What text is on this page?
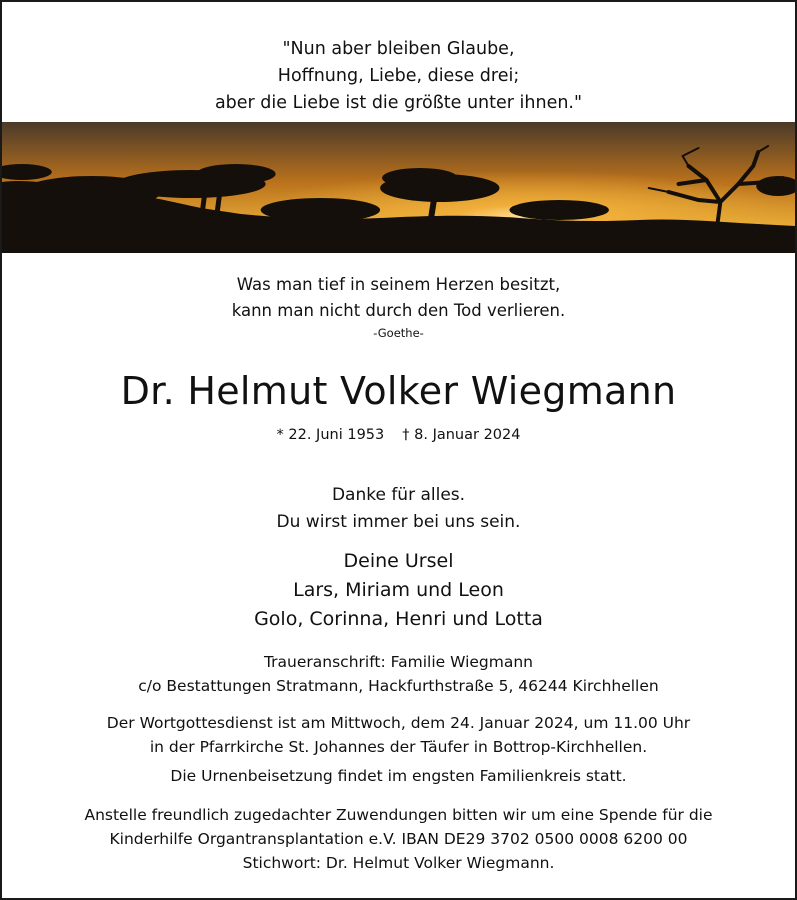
"Nun aber bleiben Glaube,
Hoffnung, Liebe, diese drei;
aber die Liebe ist die größte unter ihnen."
Was man tief in seinem Herzen besitzt,
kann man nicht durch den Tod verlieren.
-Goethe-
Dr. Helmut Volker Wiegmann
* 22. Juni 1953 † 8. Januar 2024
Danke für alles.
Du wirst immer bei uns sein.
Deine Ursel
Lars, Miriam und Leon
Golo, Corinna, Henri und Lotta
Traueranschrift: Familie Wiegmann
c/o Bestattungen Stratmann, Hackfurthstraße 5, 46244 Kirchhellen
Der Wortgottesdienst ist am Mittwoch, dem 24. Januar 2024, um 11.00 Uhr
in der Pfarrkirche St. Johannes der Täufer in Bottrop-Kirchhellen.
Die Urnenbeisetzung findet im engsten Familienkreis statt.
Anstelle freundlich zugedachter Zuwendungen bitten wir um eine Spende für die
Kinderhilfe Organtransplantation e.V. IBAN DE29 3702 0500 0008 6200 00
Stichwort: Dr. Helmut Volker Wiegmann.
